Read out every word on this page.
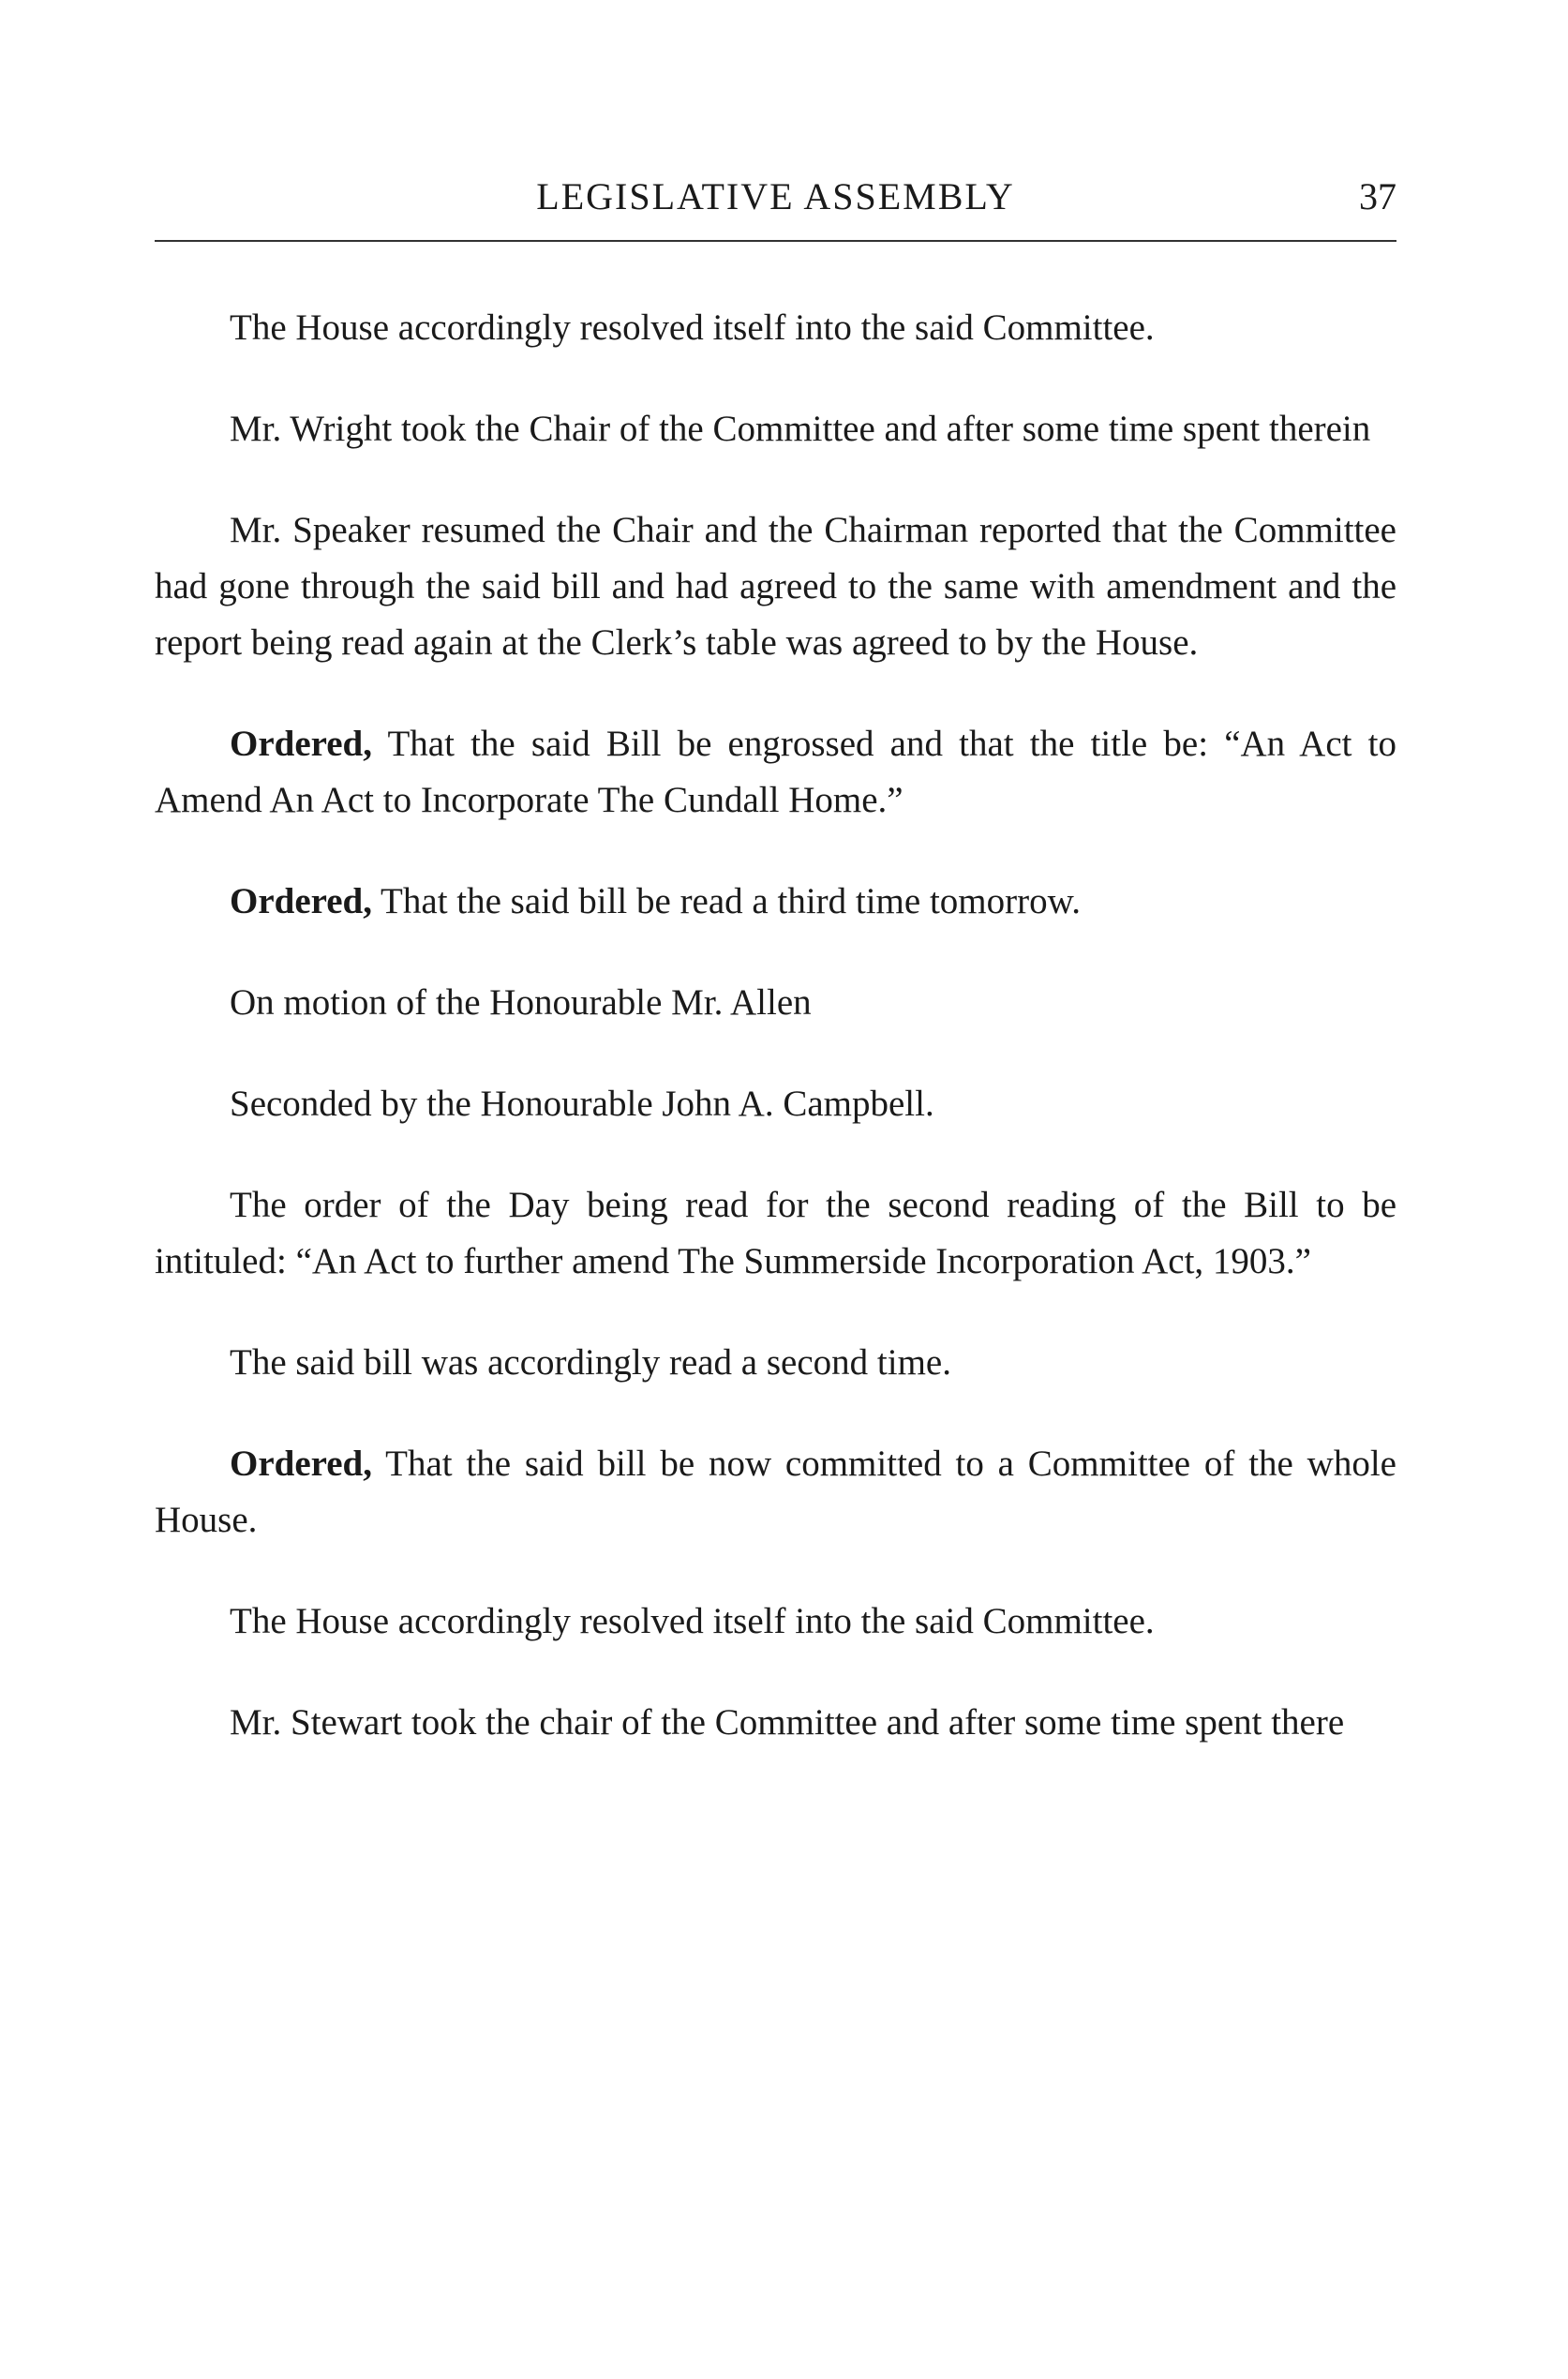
LEGISLATIVE ASSEMBLY	37

The House accordingly resolved itself into the said Committee.

Mr. Wright took the Chair of the Committee and after some time spent therein

Mr. Speaker resumed the Chair and the Chairman reported that the Committee had gone through the said bill and had agreed to the same with amendment and the report being read again at the Clerk’s table was agreed to by the House.

Ordered, That the said Bill be engrossed and that the title be: “An Act to Amend An Act to Incorporate The Cundall Home.”

Ordered, That the said bill be read a third time tomorrow.

On motion of the Honourable Mr. Allen

Seconded by the Honourable John A. Campbell.

The order of the Day being read for the second reading of the Bill to be intituled: “An Act to further amend The Summerside Incorporation Act, 1903.”

The said bill was accordingly read a second time.

Ordered, That the said bill be now committed to a Committee of the whole House.

The House accordingly resolved itself into the said Committee.

Mr. Stewart took the chair of the Committee and after some time spent there
